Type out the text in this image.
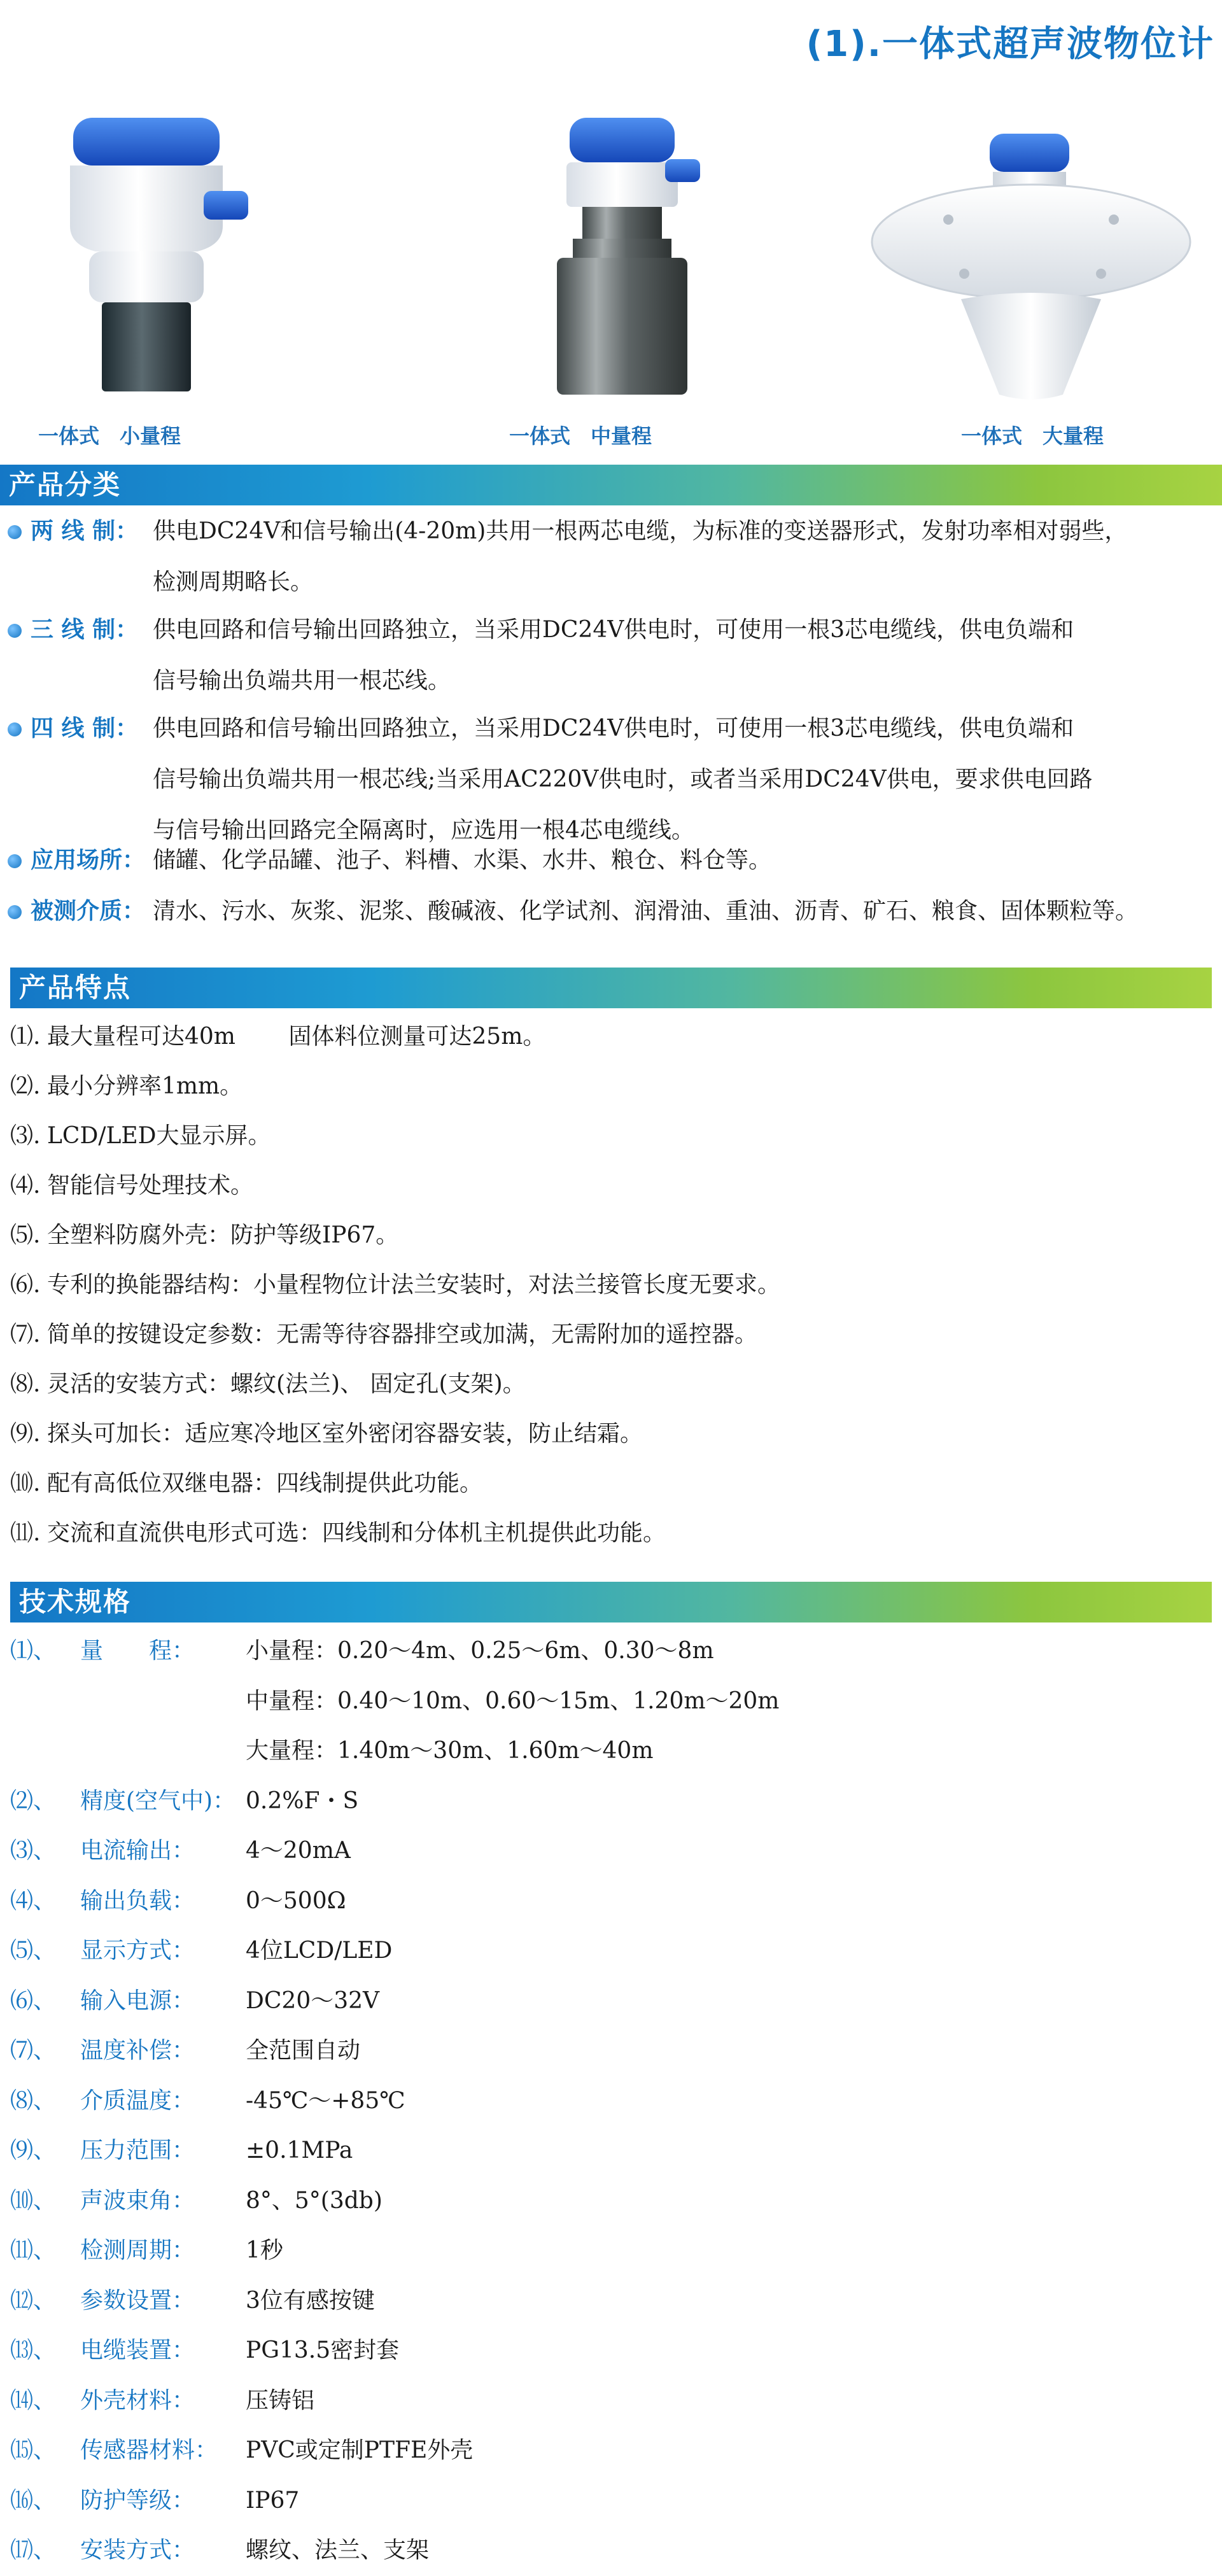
(1).一体式超声波物位计
一体式　小量程	一体式　中量程	一体式　大量程
产品分类
两 线 制： 供电DC24V和信号输出(4-20m)共用一根两芯电缆，为标准的变送器形式，发射功率相对弱些，
检测周期略长。
三 线 制： 供电回路和信号输出回路独立，当采用DC24V供电时，可使用一根3芯电缆线，供电负端和
信号输出负端共用一根芯线。
四 线 制： 供电回路和信号输出回路独立，当采用DC24V供电时，可使用一根3芯电缆线，供电负端和
信号输出负端共用一根芯线;当采用AC220V供电时，或者当采用DC24V供电，要求供电回路
与信号输出回路完全隔离时，应选用一根4芯电缆线。
应用场所： 储罐、化学品罐、池子、料槽、水渠、水井、粮仓、料仓等。
被测介质： 清水、污水、灰浆、泥浆、酸碱液、化学试剂、润滑油、重油、沥青、矿石、粮食、固体颗粒等。
产品特点
⑴. 最大量程可达40m　　 固体料位测量可达25m。
⑵. 最小分辨率1mm。
⑶. LCD/LED大显示屏。
⑷. 智能信号处理技术。
⑸. 全塑料防腐外壳：防护等级IP67。
⑹. 专利的换能器结构：小量程物位计法兰安装时，对法兰接管长度无要求。
⑺. 简单的按键设定参数：无需等待容器排空或加满，无需附加的遥控器。
⑻. 灵活的安装方式：螺纹(法兰)、 固定孔(支架)。
⑼. 探头可加长：适应寒冷地区室外密闭容器安装，防止结霜。
⑽. 配有高低位双继电器：四线制提供此功能。
⑾. 交流和直流供电形式可选：四线制和分体机主机提供此功能。
技术规格
⑴、 量　　程： 小量程：0.20～4m、0.25～6m、0.30～8m
中量程：0.40～10m、0.60～15m、1.20m～20m
大量程：1.40m～30m、1.60m～40m
⑵、 精度(空气中)： 0.2%F・S
⑶、 电流输出： 4～20mA
⑷、 输出负载： 0～500Ω
⑸、 显示方式： 4位LCD/LED
⑹、 输入电源： DC20～32V
⑺、 温度补偿： 全范围自动
⑻、 介质温度： -45℃～+85℃
⑼、 压力范围： ±0.1MPa
⑽、 声波束角： 8°、5°(3db)
⑾、 检测周期： 1秒
⑿、 参数设置： 3位有感按键
⒀、 电缆装置： PG13.5密封套
⒁、 外壳材料： 压铸铝
⒂、 传感器材料： PVC或定制PTFE外壳
⒃、 防护等级： IP67
⒄、 安装方式： 螺纹、法兰、支架
